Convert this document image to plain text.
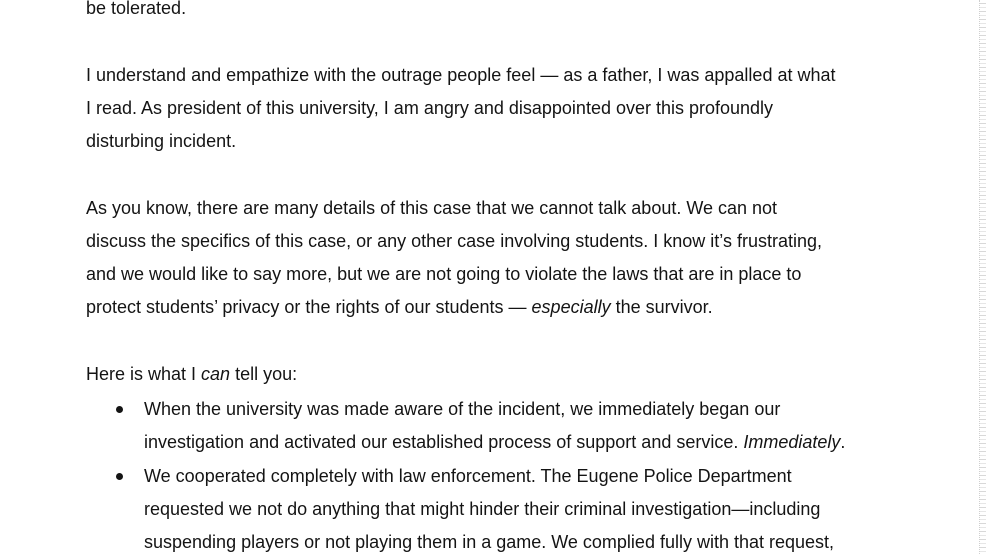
be tolerated.
I understand and empathize with the outrage people feel — as a father, I was appalled at what
I read. As president of this university, I am angry and disappointed over this profoundly
disturbing incident.
As you know, there are many details of this case that we cannot talk about. We can not
discuss the specifics of this case, or any other case involving students. I know it’s frustrating,
and we would like to say more, but we are not going to violate the laws that are in place to
protect students’ privacy or the rights of our students — especially the survivor.
Here is what I can tell you:
When the university was made aware of the incident, we immediately began our
investigation and activated our established process of support and service. Immediately.
We cooperated completely with law enforcement. The Eugene Police Department
requested we not do anything that might hinder their criminal investigation—including
suspending players or not playing them in a game. We complied fully with that request,
